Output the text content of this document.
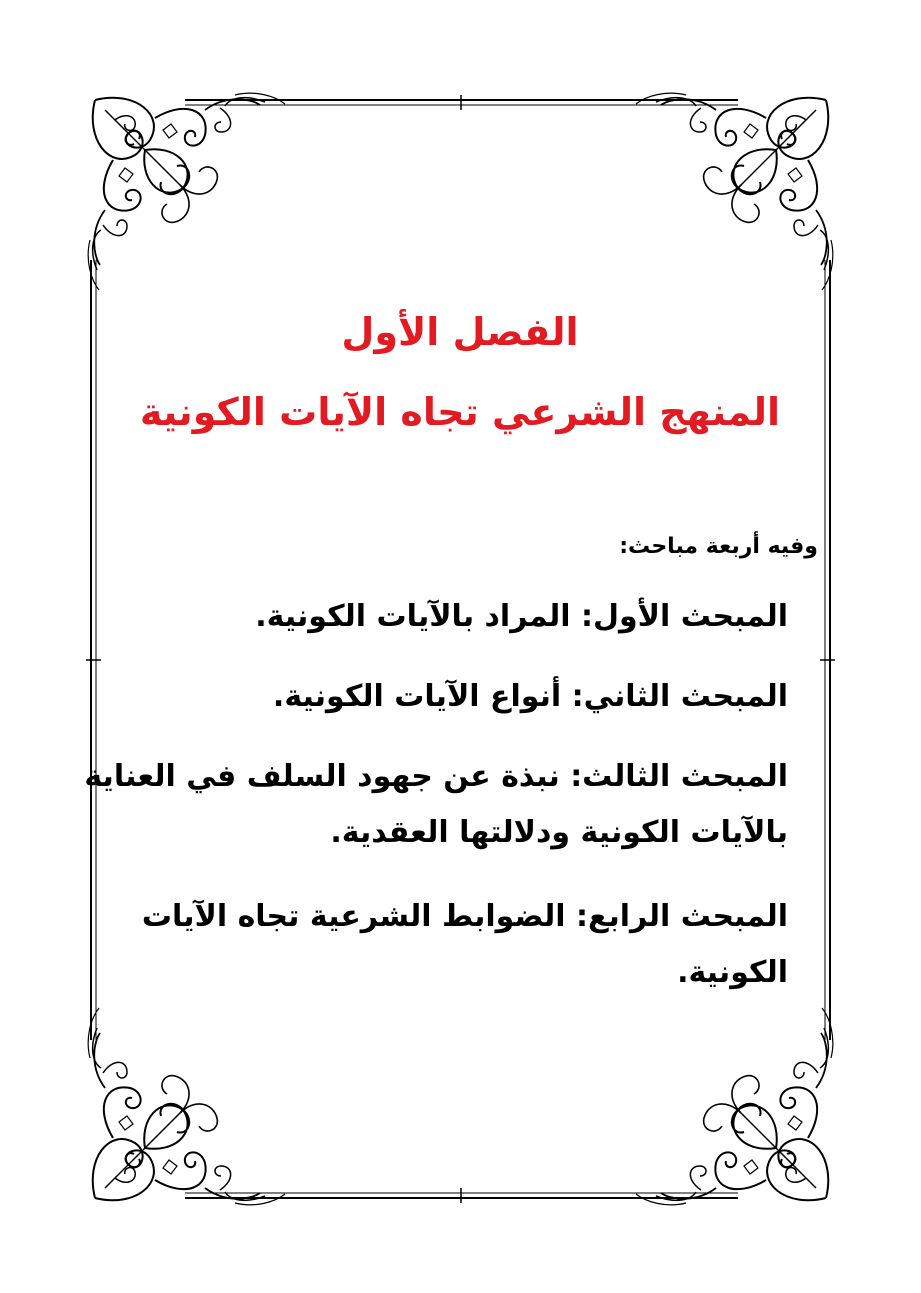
الفصل الأول
المنهج الشرعي تجاه الآيات الكونية
وفيه أربعة مباحث:
المبحث الأول: المراد بالآيات الكونية.
المبحث الثاني: أنواع الآيات الكونية.
المبحث الثالث: نبذة عن جهود السلف في العناية
بالآيات الكونية ودلالتها العقدية.
المبحث الرابع: الضوابط الشرعية تجاه الآيات
الكونية.
